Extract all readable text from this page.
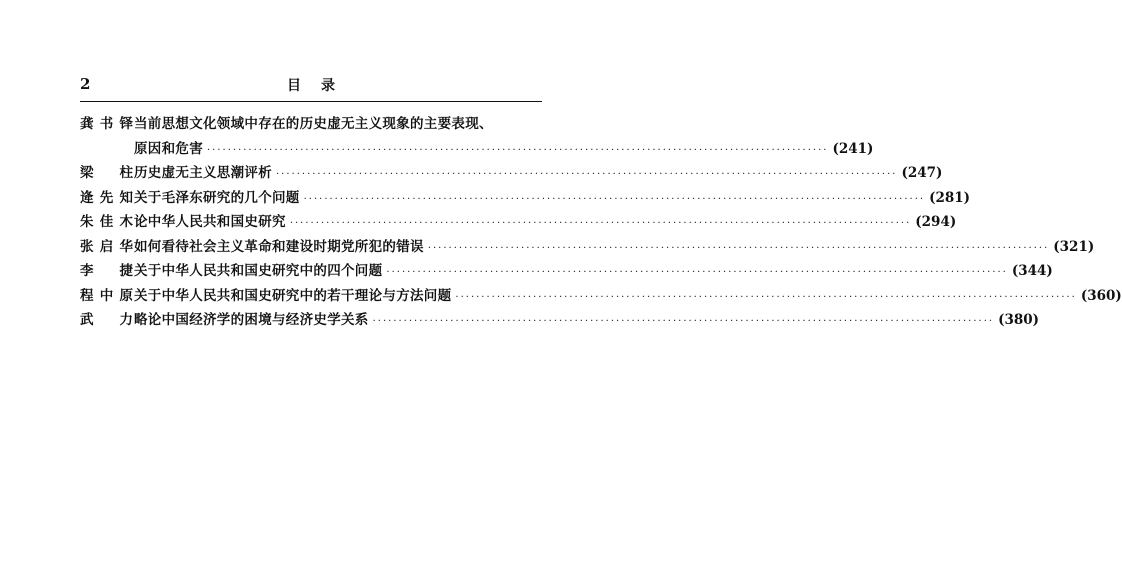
2	目录
龚书铎 当前思想文化领域中存在的历史虚无主义现象的主要表现、
原因和危害 ························································································································ (241)
梁柱 历史虚无主义思潮评析 ························································································································ (247)
逄先知 关于毛泽东研究的几个问题 ························································································································ (281)
朱佳木 论中华人民共和国史研究 ························································································································ (294)
张启华 如何看待社会主义革命和建设时期党所犯的错误 ························································································································ (321)
李捷 关于中华人民共和国史研究中的四个问题 ························································································································ (344)
程中原 关于中华人民共和国史研究中的若干理论与方法问题 ························································································································ (360)
武力 略论中国经济学的困境与经济史学关系 ························································································································ (380)
